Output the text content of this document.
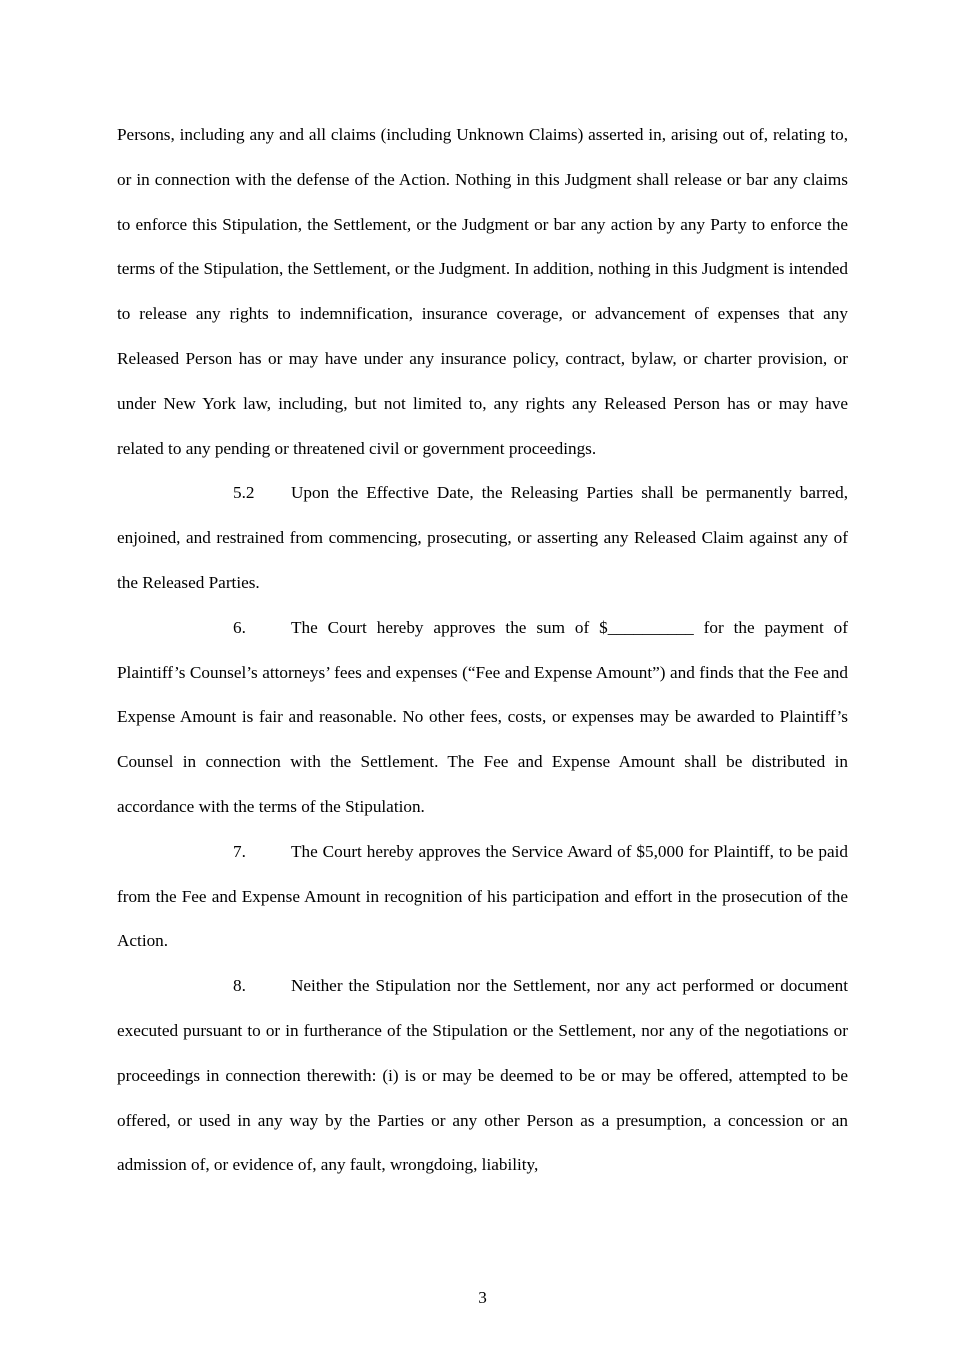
Persons, including any and all claims (including Unknown Claims) asserted in, arising out of, relating to, or in connection with the defense of the Action. Nothing in this Judgment shall release or bar any claims to enforce this Stipulation, the Settlement, or the Judgment or bar any action by any Party to enforce the terms of the Stipulation, the Settlement, or the Judgment. In addition, nothing in this Judgment is intended to release any rights to indemnification, insurance coverage, or advancement of expenses that any Released Person has or may have under any insurance policy, contract, bylaw, or charter provision, or under New York law, including, but not limited to, any rights any Released Person has or may have related to any pending or threatened civil or government proceedings.

5.2 Upon the Effective Date, the Releasing Parties shall be permanently barred, enjoined, and restrained from commencing, prosecuting, or asserting any Released Claim against any of the Released Parties.

6.	The Court hereby approves the sum of $__________ for the payment of Plaintiff’s Counsel’s attorneys’ fees and expenses (“Fee and Expense Amount”) and finds that the Fee and Expense Amount is fair and reasonable. No other fees, costs, or expenses may be awarded to Plaintiff’s Counsel in connection with the Settlement. The Fee and Expense Amount shall be distributed in accordance with the terms of the Stipulation.

7.	The Court hereby approves the Service Award of $5,000 for Plaintiff, to be paid from the Fee and Expense Amount in recognition of his participation and effort in the prosecution of the Action.

8.	Neither the Stipulation nor the Settlement, nor any act performed or document executed pursuant to or in furtherance of the Stipulation or the Settlement, nor any of the negotiations or proceedings in connection therewith: (i) is or may be deemed to be or may be offered, attempted to be offered, or used in any way by the Parties or any other Person as a presumption, a concession or an admission of, or evidence of, any fault, wrongdoing, liability,

3
